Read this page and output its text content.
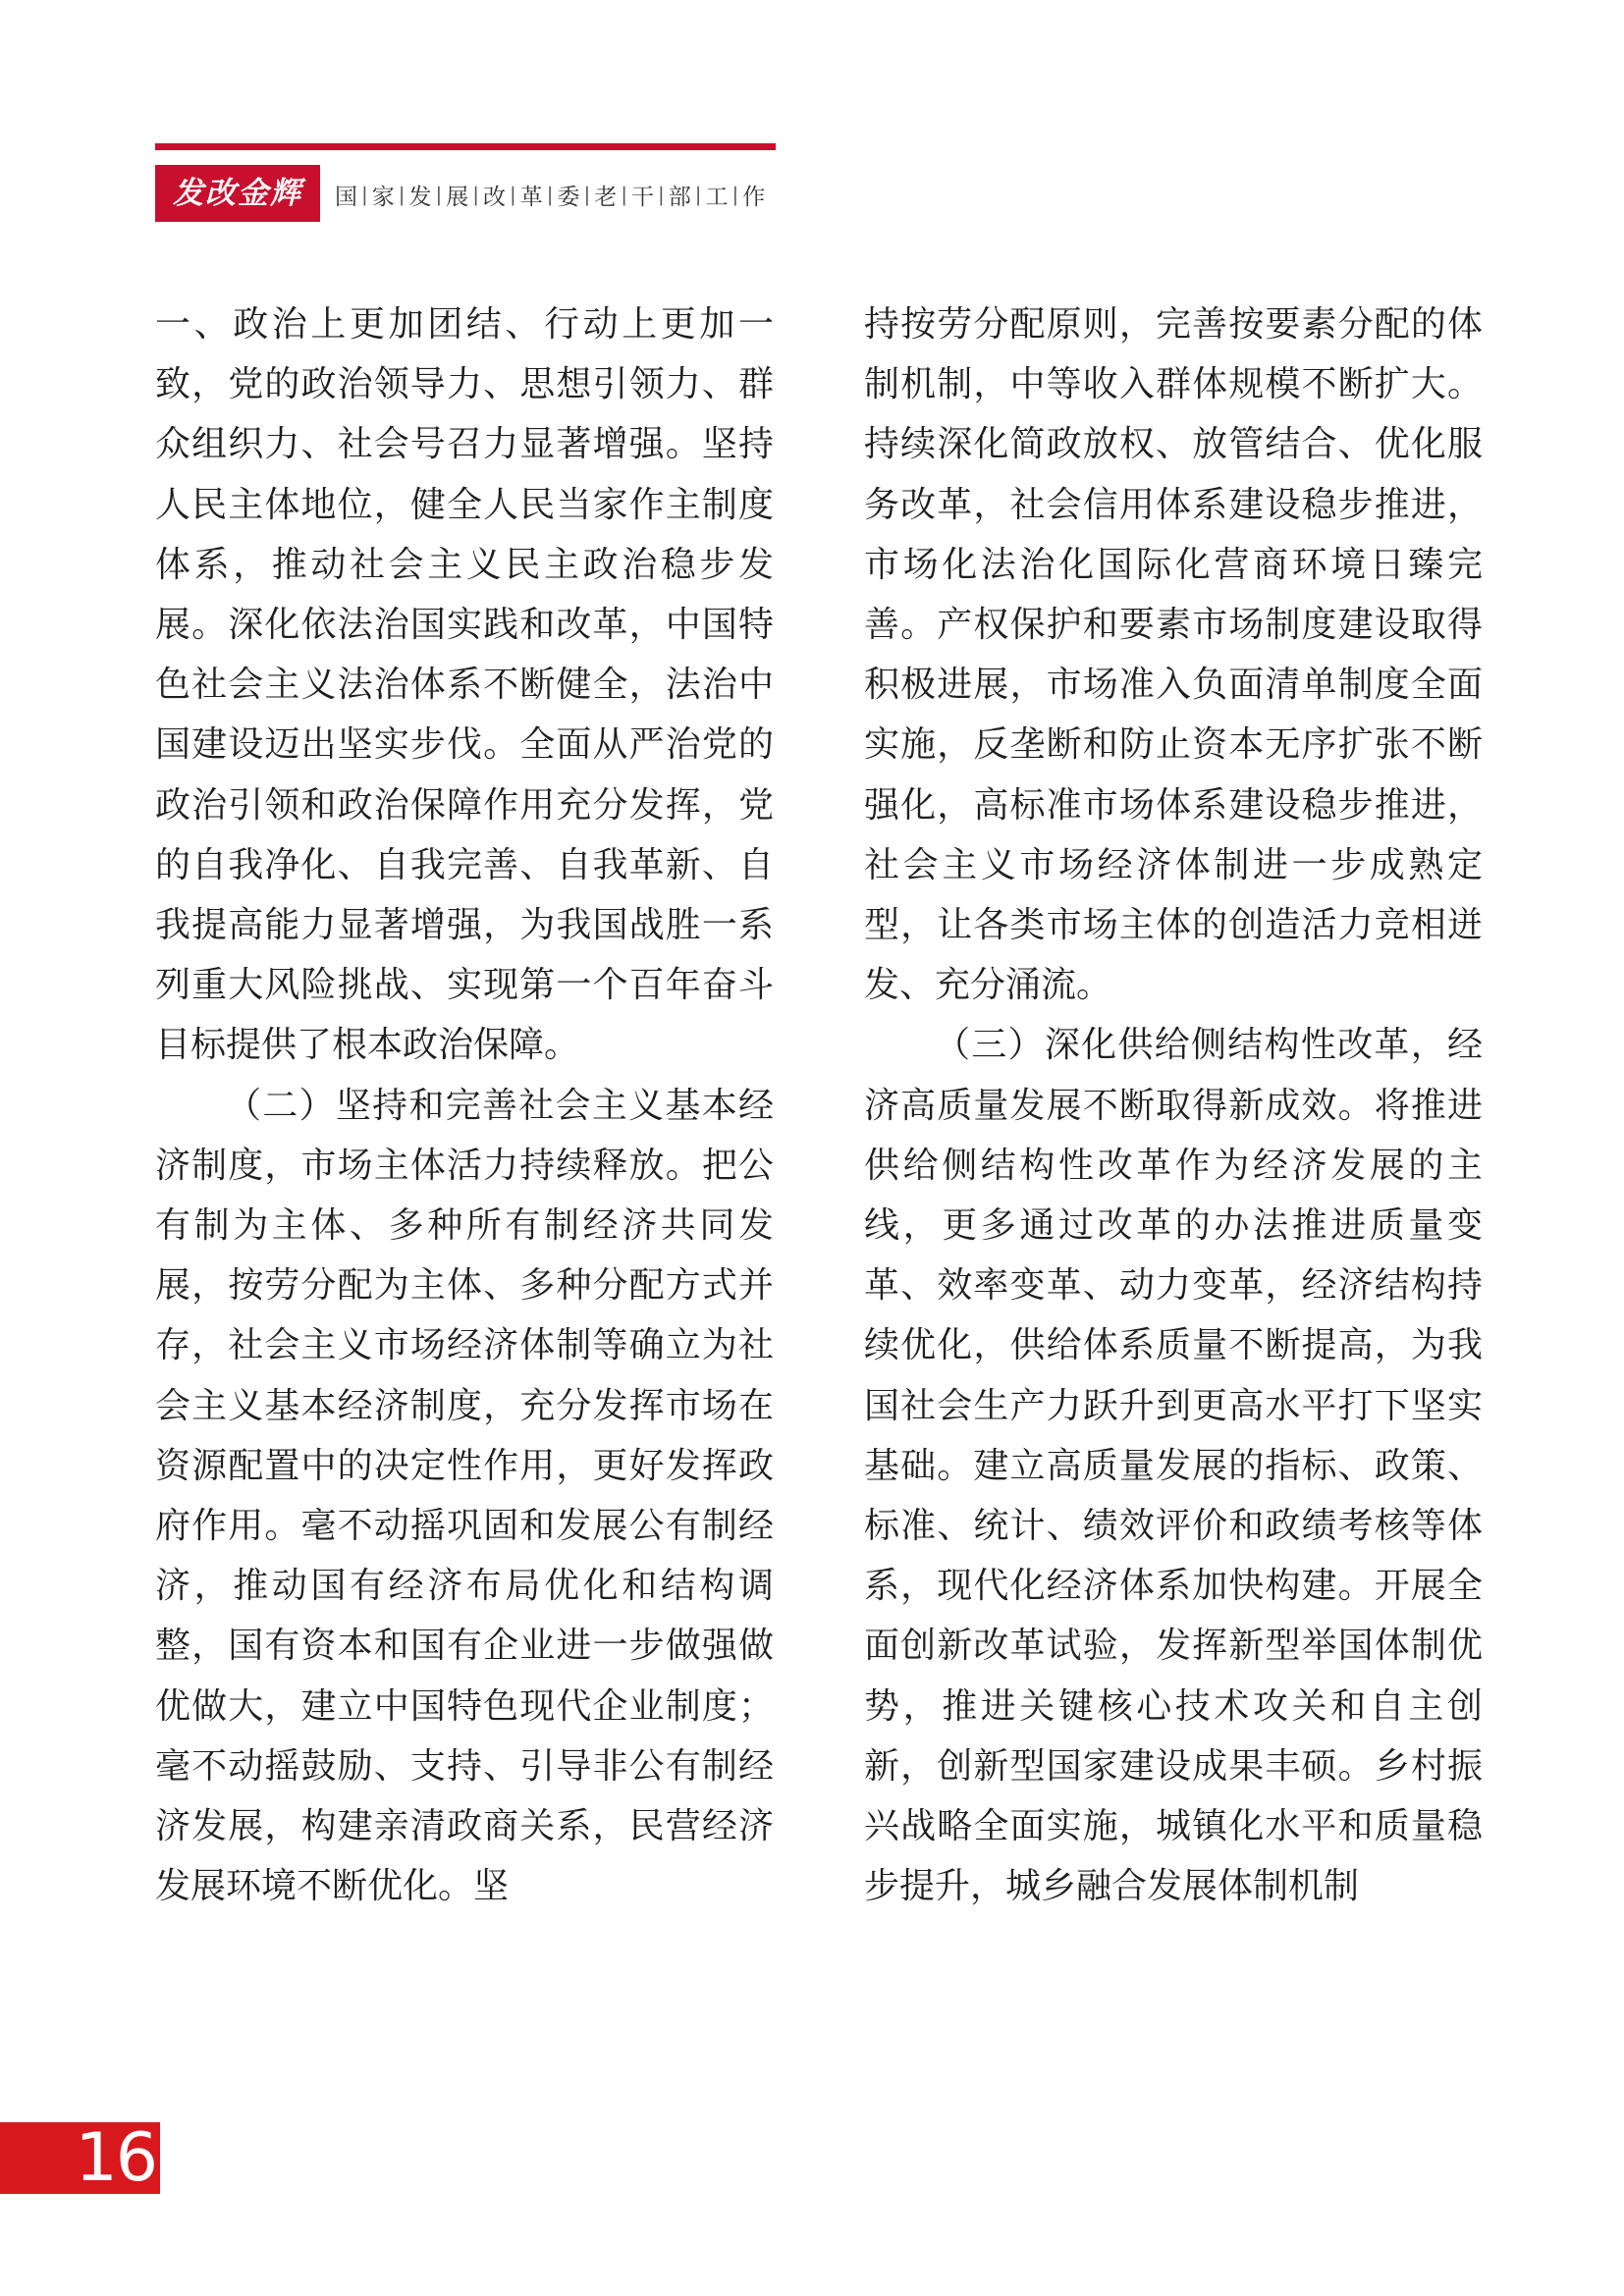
发改金辉	国 | 家 | 发 | 展 | 改 | 革 | 委 | 老 | 干 | 部 | 工 | 作

一、政治上更加团结、行动上更加一致，党的政治领导力、思想引领力、群众组织力、社会号召力显著增强。坚持人民主体地位，健全人民当家作主制度体系，推动社会主义民主政治稳步发展。深化依法治国实践和改革，中国特色社会主义法治体系不断健全，法治中国建设迈出坚实步伐。全面从严治党的政治引领和政治保障作用充分发挥，党的自我净化、自我完善、自我革新、自我提高能力显著增强，为我国战胜一系列重大风险挑战、实现第一个百年奋斗目标提供了根本政治保障。

（二）坚持和完善社会主义基本经济制度，市场主体活力持续释放。把公有制为主体、多种所有制经济共同发展，按劳分配为主体、多种分配方式并存，社会主义市场经济体制等确立为社会主义基本经济制度，充分发挥市场在资源配置中的决定性作用，更好发挥政府作用。毫不动摇巩固和发展公有制经济，推动国有经济布局优化和结构调整，国有资本和国有企业进一步做强做优做大，建立中国特色现代企业制度；毫不动摇鼓励、支持、引导非公有制经济发展，构建亲清政商关系，民营经济发展环境不断优化。坚

持按劳分配原则，完善按要素分配的体制机制，中等收入群体规模不断扩大。持续深化简政放权、放管结合、优化服务改革，社会信用体系建设稳步推进，市场化法治化国际化营商环境日臻完善。产权保护和要素市场制度建设取得积极进展，市场准入负面清单制度全面实施，反垄断和防止资本无序扩张不断强化，高标准市场体系建设稳步推进，社会主义市场经济体制进一步成熟定型，让各类市场主体的创造活力竞相迸发、充分涌流。

（三）深化供给侧结构性改革，经济高质量发展不断取得新成效。将推进供给侧结构性改革作为经济发展的主线，更多通过改革的办法推进质量变革、效率变革、动力变革，经济结构持续优化，供给体系质量不断提高，为我国社会生产力跃升到更高水平打下坚实基础。建立高质量发展的指标、政策、标准、统计、绩效评价和政绩考核等体系，现代化经济体系加快构建。开展全面创新改革试验，发挥新型举国体制优势，推进关键核心技术攻关和自主创新，创新型国家建设成果丰硕。乡村振兴战略全面实施，城镇化水平和质量稳步提升，城乡融合发展体制机制

16
